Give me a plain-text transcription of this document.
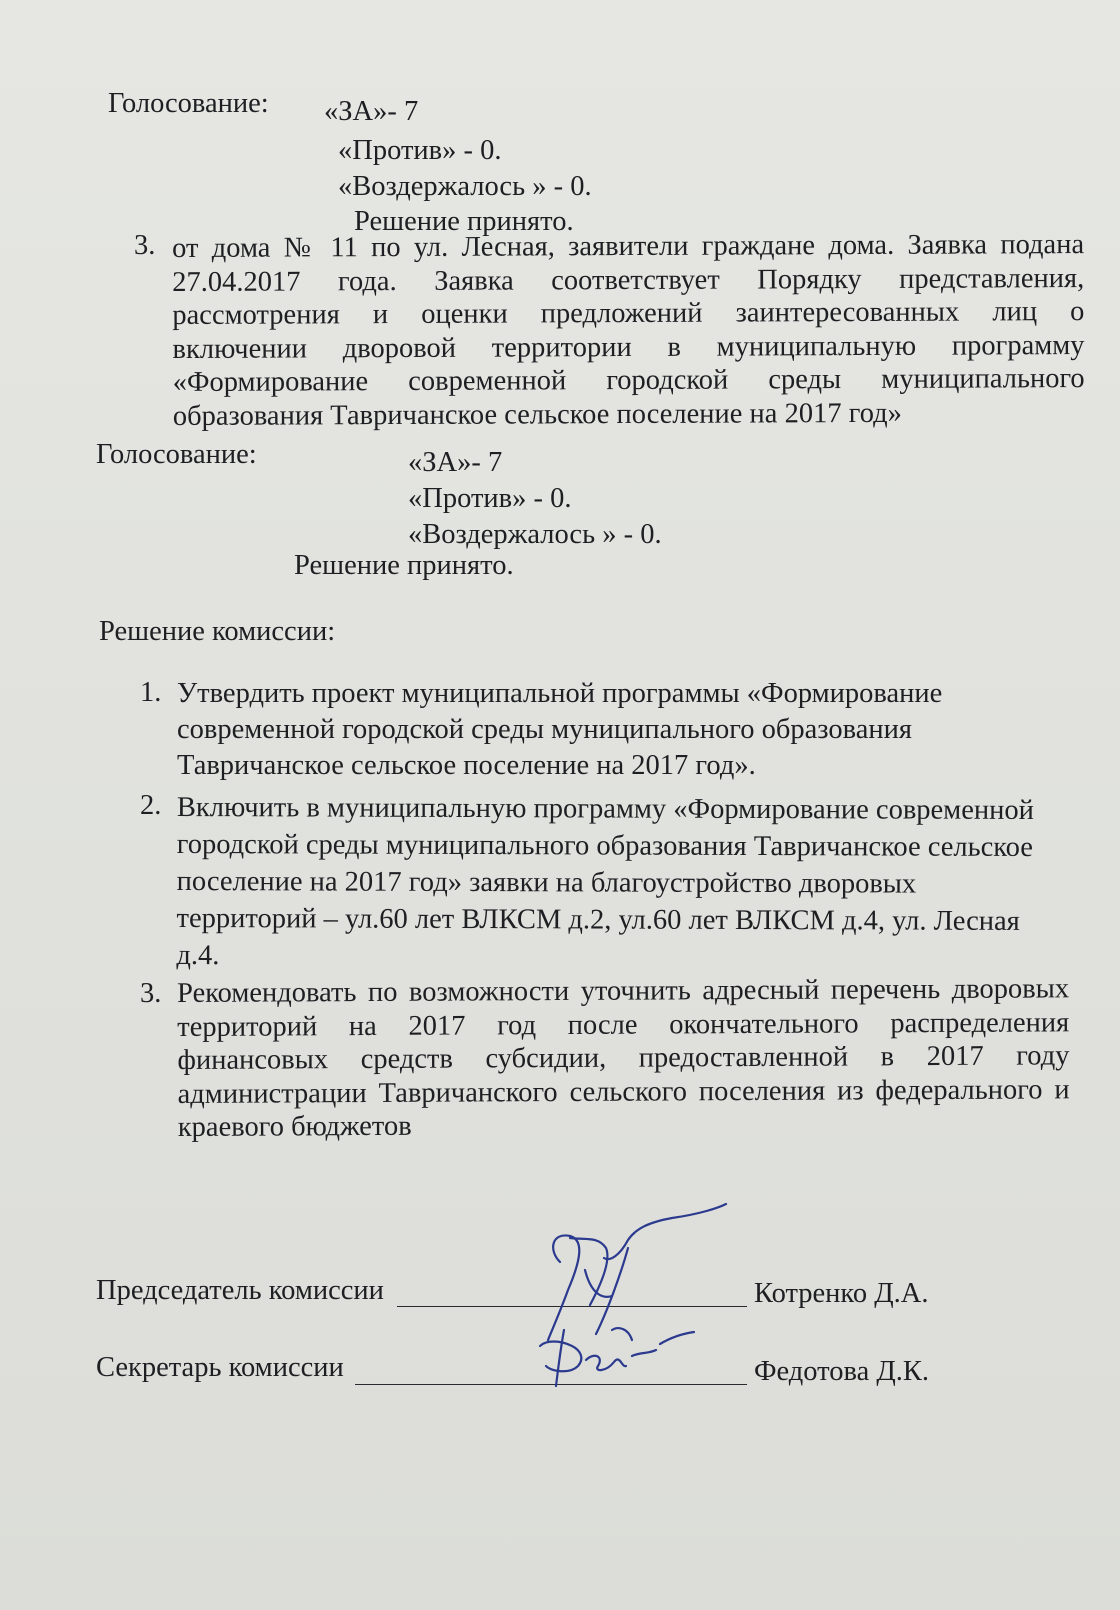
Голосование: «ЗА»- 7
«Против» - 0.
«Воздержалось » - 0.
Решение принято.
3. от дома № 11 по ул. Лесная, заявители граждане дома. Заявка подана
27.04.2017 года. Заявка соответствует Порядку представления,
рассмотрения и оценки предложений заинтересованных лиц о
включении дворовой территории в муниципальную программу
«Формирование современной городской среды муниципального
образования Тавричанское сельское поселение на 2017 год»
Голосование:	«ЗА»- 7
«Против» - 0.
«Воздержалось » - 0.
Решение принято.
Решение комиссии:
1. Утвердить проект муниципальной программы «Формирование
современной городской среды муниципального образования
Тавричанское сельское поселение на 2017 год».
2. Включить в муниципальную программу «Формирование современной
городской среды муниципального образования Тавричанское сельское
поселение на 2017 год» заявки на благоустройство дворовых
территорий – ул.60 лет ВЛКСМ д.2, ул.60 лет ВЛКСМ д.4, ул. Лесная
д.4.
3. Рекомендовать по возможности уточнить адресный перечень дворовых
территорий на 2017 год после окончательного распределения
финансовых средств субсидии, предоставленной в 2017 году
администрации Тавричанского сельского поселения из федерального и
краевого бюджетов
Председатель комиссии	Котренко Д.А.
Секретарь комиссии	Федотова Д.К.
